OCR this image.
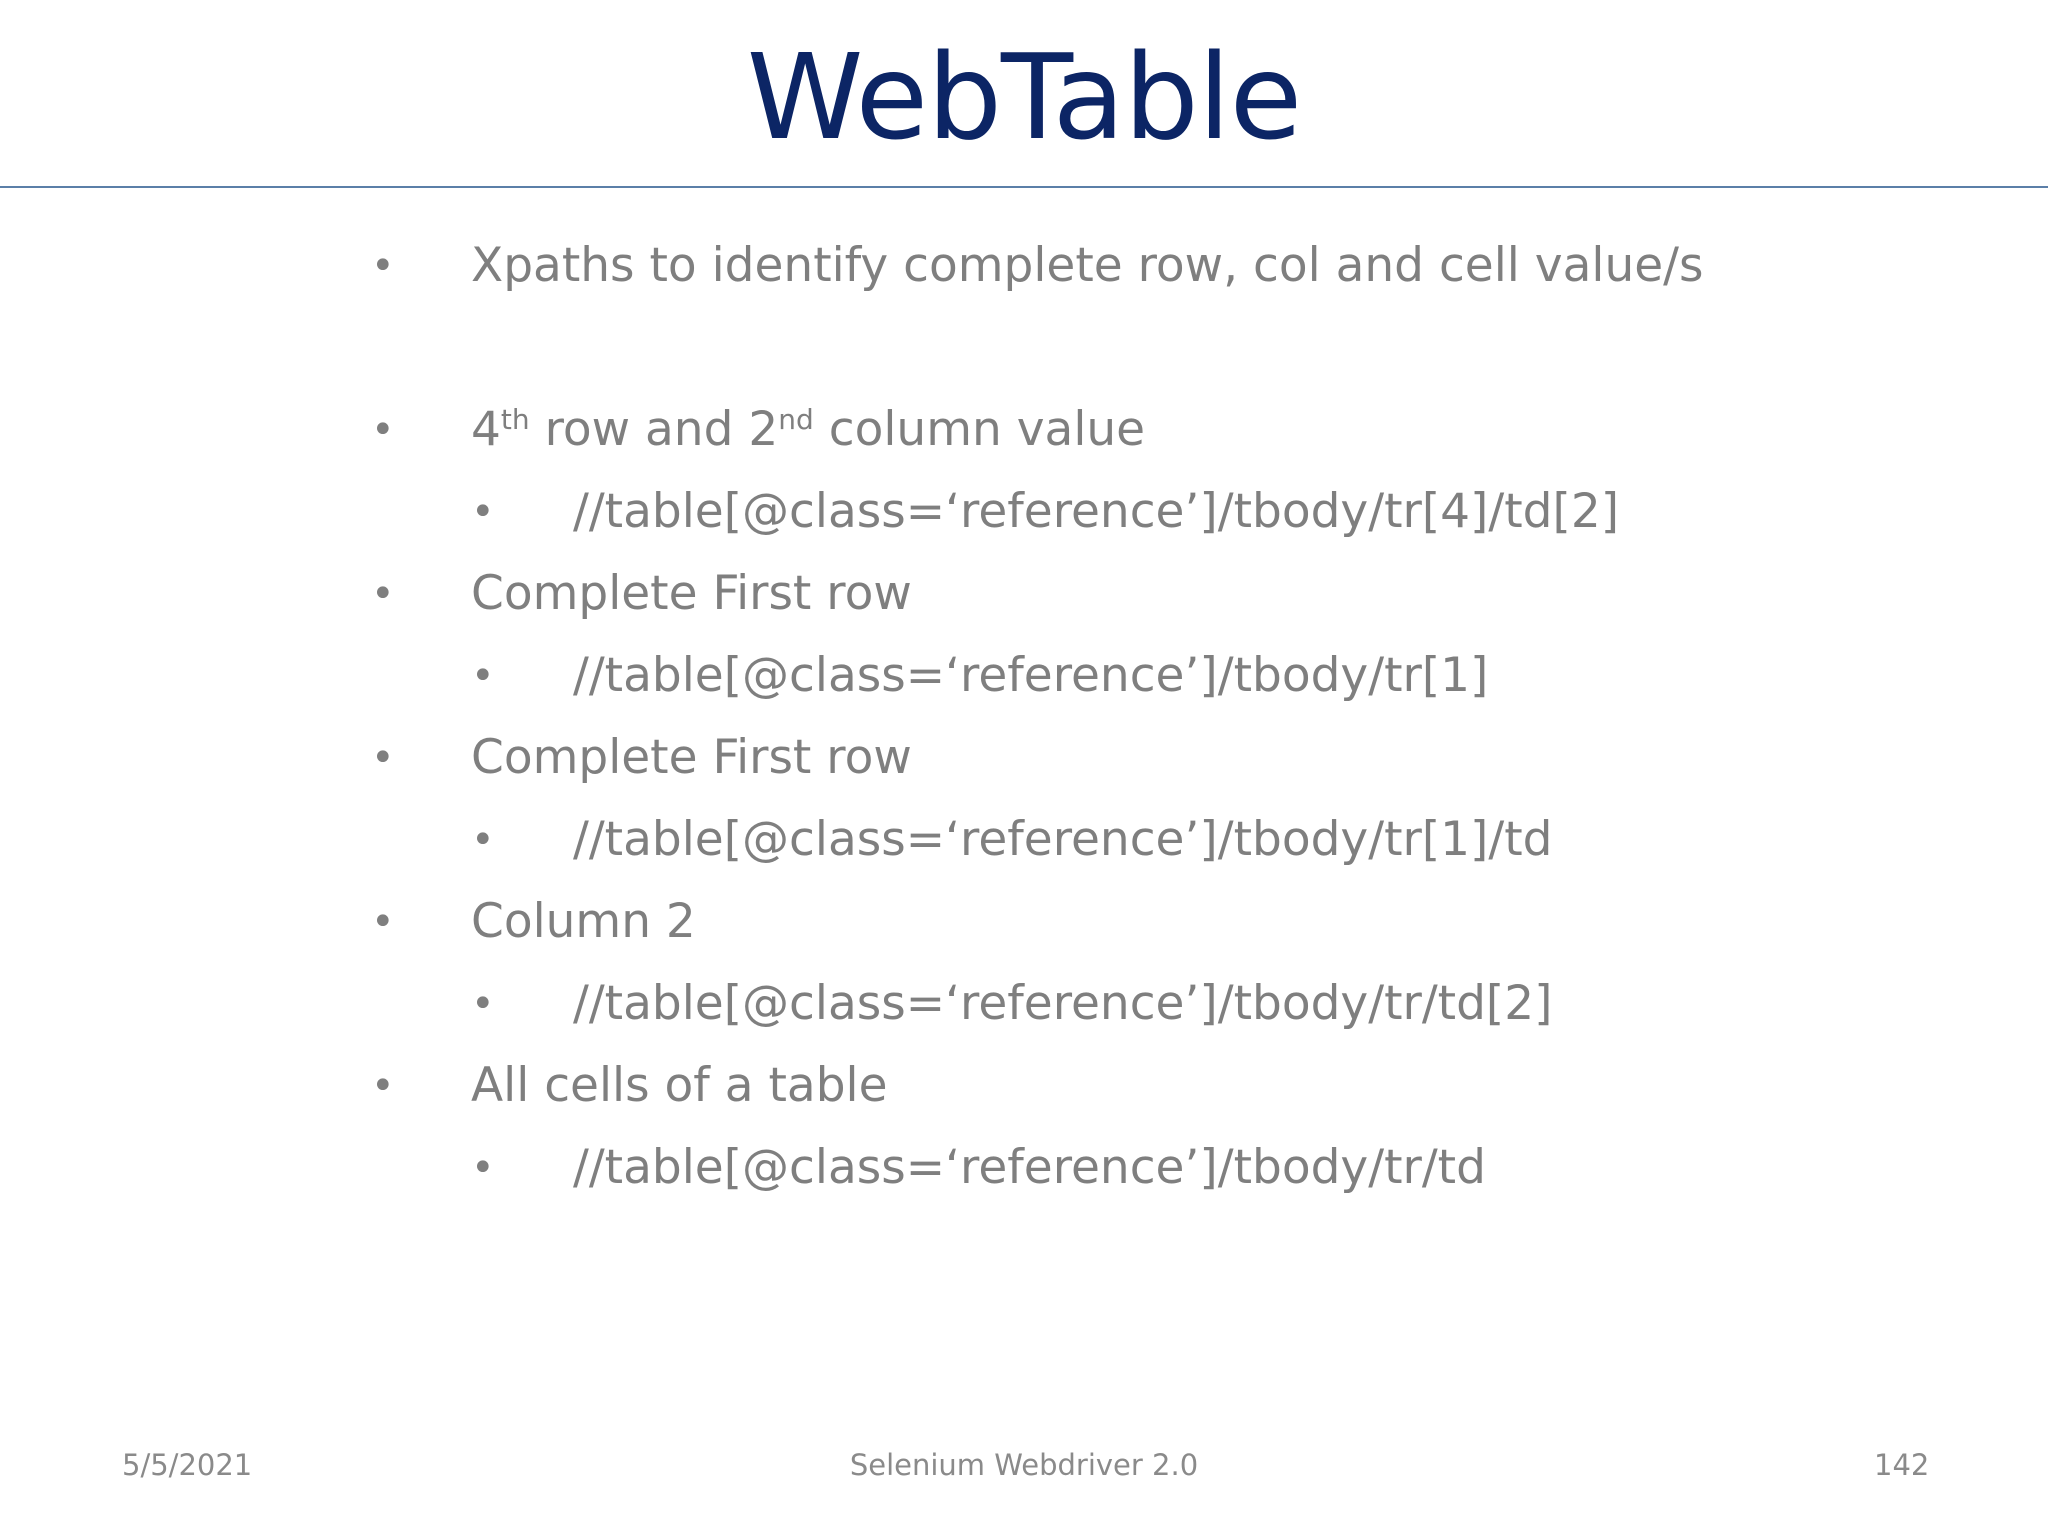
WebTable
• Xpaths to identify complete row, col and cell value/s
• 4th row and 2nd column value
• //table[@class=‘reference’]/tbody/tr[4]/td[2]
• Complete First row
• //table[@class=‘reference’]/tbody/tr[1]
• Complete First row
• //table[@class=‘reference’]/tbody/tr[1]/td
• Column 2
• //table[@class=‘reference’]/tbody/tr/td[2]
• All cells of a table
• //table[@class=‘reference’]/tbody/tr/td
5/5/2021	Selenium Webdriver 2.0	142
